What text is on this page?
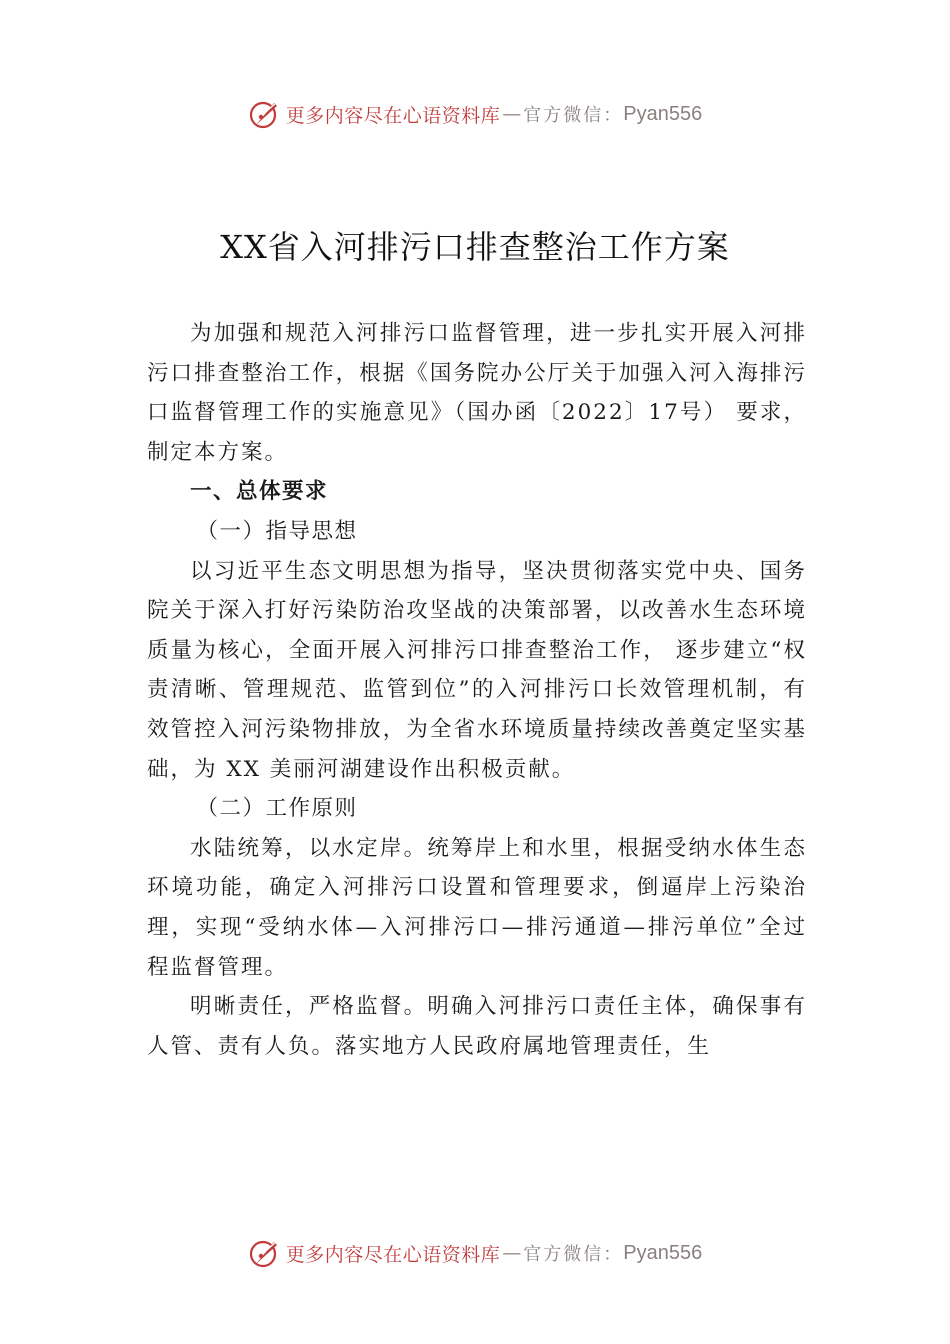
更多内容尽在心语资料库 — 官方微信： Pyan556
XX省入河排污口排查整治工作方案

为加强和规范入河排污口监督管理，进一步扎实开展入河排污口排查整治工作，根据《国务院办公厅关于加强入河入海排污口监督管理工作的实施意见》（国办函〔2022〕17号） 要求，制定本方案。

一、总体要求

（一）指导思想

以习近平生态文明思想为指导，坚决贯彻落实党中央、国务院关于深入打好污染防治攻坚战的决策部署，以改善水生态环境质量为核心，全面开展入河排污口排查整治工作， 逐步建立“权责清晰、管理规范、监管到位”的入河排污口长效管理机制，有效管控入河污染物排放，为全省水环境质量持续改善奠定坚实基础，为 XX 美丽河湖建设作出积极贡献。

（二）工作原则

水陆统筹，以水定岸。统筹岸上和水里，根据受纳水体生态环境功能，确定入河排污口设置和管理要求，倒逼岸上污染治理，实现“受纳水体—入河排污口—排污通道—排污单位”全过程监督管理。

明晰责任，严格监督。明确入河排污口责任主体，确保事有人管、责有人负。落实地方人民政府属地管理责任，生

更多内容尽在心语资料库 — 官方微信： Pyan556
